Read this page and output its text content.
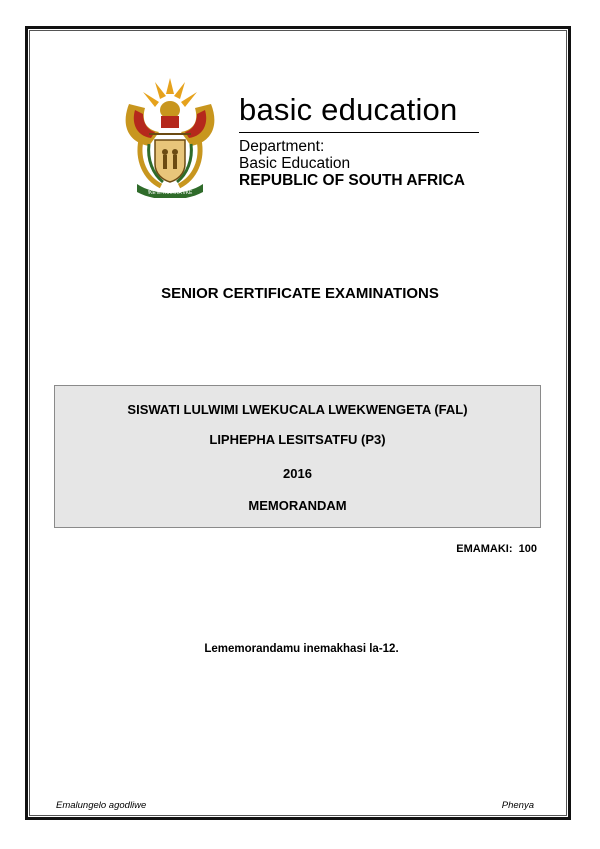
!KE E: /XARRA //KE
basic education
Department:
Basic Education
REPUBLIC OF SOUTH AFRICA
SENIOR CERTIFICATE EXAMINATIONS
SISWATI LULWIMI LWEKUCALA LWEKWENGETA (FAL)
LIPHEPHA LESITSATFU (P3)
2016
MEMORANDAM
EMAMAKI: 100
Lememorandamu inemakhasi la-12.
Emalungelo agodliwe	Phenya
